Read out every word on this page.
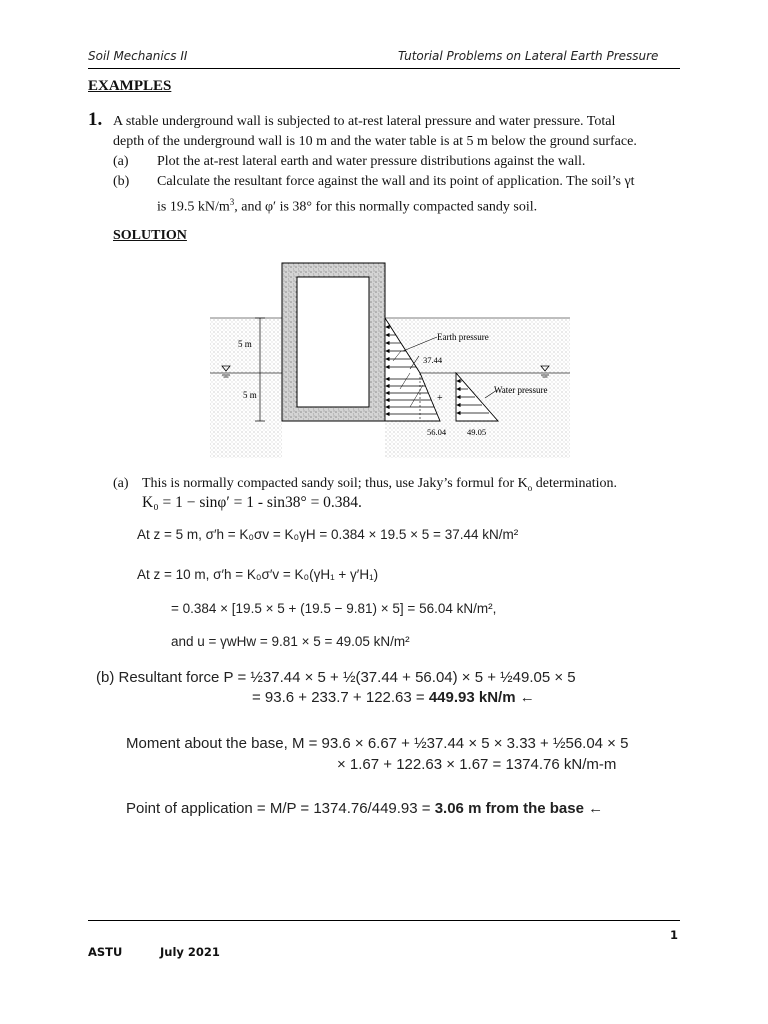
Soil Mechanics II	Tutorial Problems on Lateral Earth Pressure
EXAMPLES
1. A stable underground wall is subjected to at-rest lateral pressure and water pressure. Total
depth of the underground wall is 10 m and the water table is at 5 m below the ground surface.
(a) Plot the at-rest lateral earth and water pressure distributions against the wall.
(b) Calculate the resultant force against the wall and its point of application. The soil’s γt
is 19.5 $kN/m^3$, and φ′ is 38° for this normally compacted sandy soil.
SOLUTION
5 m
5 m
Earth pressure
37.44
Water pressure
+
56.04 49.05
(a) This is normally compacted sandy soil; thus, use Jaky’s formul for $K_o$ determination.
K₀ = 1 − sinφ′ = 1 - sin38° = 0.384.
At z = 5 m, σ′h = K₀σv = K₀γH = 0.384 × 19.5 × 5 = 37.44 kN/m²
At z = 10 m, σ′h = K₀σ′v = K₀(γH₁ + γ′H₁)
= 0.384 × [19.5 × 5 + (19.5 − 9.81) × 5] = 56.04 kN/m²,
and u = γwHw = 9.81 × 5 = 49.05 kN/m²
(b) Resultant force P = ½37.44 × 5 + ½(37.44 + 56.04) × 5 + ½49.05 × 5
= 93.6 + 233.7 + 122.63 = 449.93 kN/m ←
Moment about the base, M = 93.6 × 6.67 + ½37.44 × 5 × 3.33 + ½56.04 × 5
× 1.67 + 122.63 × 1.67 = 1374.76 kN/m-m
Point of application = M/P = 1374.76/449.93 = 3.06 m from the base ←
1
ASTU	July 2021
